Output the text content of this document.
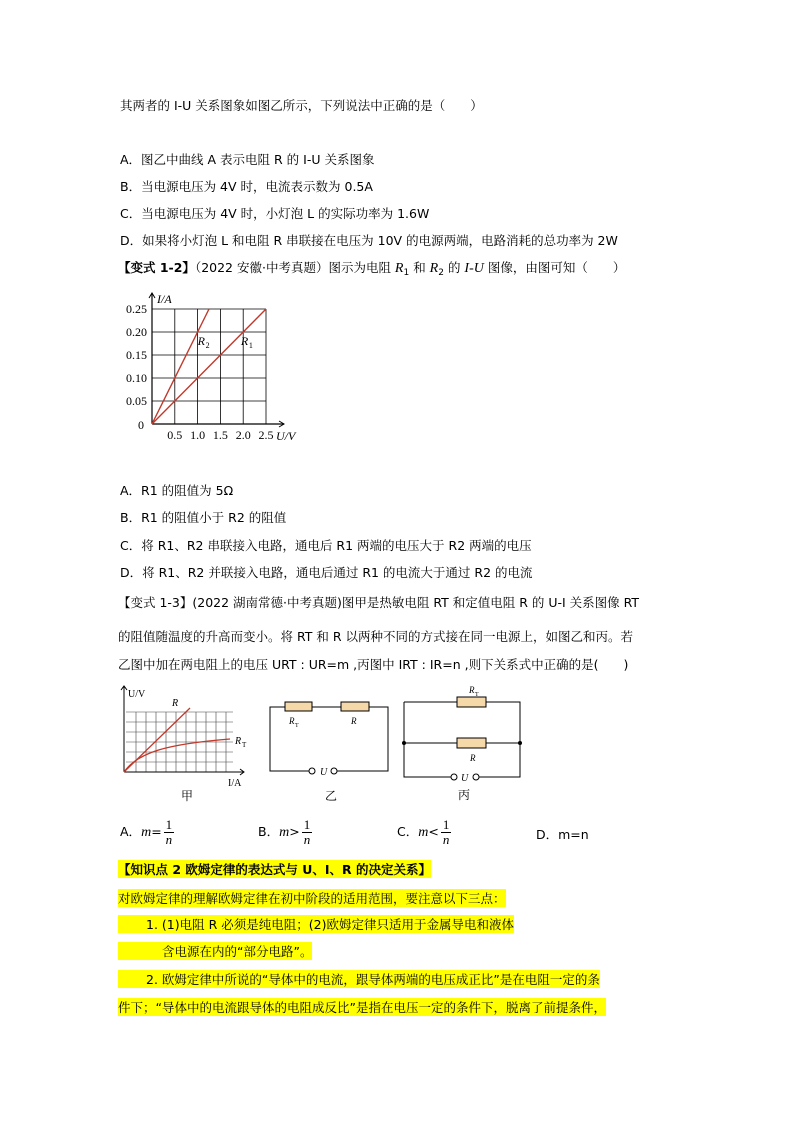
其两者的 I-U 关系图象如图乙所示，下列说法中正确的是（　　）
A．图乙中曲线 A 表示电阻 R 的 I-U 关系图象
B．当电源电压为 4V 时，电流表示数为 0.5A
C．当电源电压为 4V 时，小灯泡 L 的实际功率为 1.6W
D．如果将小灯泡 L 和电阻 R 串联接在电压为 10V 的电源两端，电路消耗的总功率为 2W
【变式 1-2】（2022 安徽·中考真题）图示为电阻 $R_1$ 和 $R_2$ 的 I-U 图像，由图可知（　　）
0.5 1.0 1.5 2.0 2.5
0.05
0.10
0.15
0.20
0.25
0
U/V
I/A
R 2	R 1
A．R1 的阻值为 5Ω
B．R1 的阻值小于 R2 的阻值
C．将 R1、R2 串联接入电路，通电后 R1 两端的电压大于 R2 两端的电压
D．将 R1、R2 并联接入电路，通电后通过 R1 的电流大于通过 R2 的电流
【变式 1-3】(2022 湖南常德·中考真题)图甲是热敏电阻 RT 和定值电阻 R 的 U-I 关系图像 RT
的阻值随温度的升高而变小。将 RT 和 R 以两种不同的方式接在同一电源上，如图乙和丙。若
乙图中加在两电阻上的电压 URT : UR=m ,丙图中 IRT : IR=n ,则下关系式中正确的是(　　)
U/V
I/A
R
R T
甲
R T	R
U
乙
R T
R
U
丙
A．$m= \frac{1}{n}$	B．$m> \frac{1}{n}$	C．$m< \frac{1}{n}$	D．m=n
【知识点 2 欧姆定律的表达式与 U、I、R 的决定关系】
对欧姆定律的理解欧姆定律在初中阶段的适用范围，要注意以下三点：
1. (1)电阻 R 必须是纯电阻；(2)欧姆定律只适用于金属导电和液体
含电源在内的“部分电路”。
2. 欧姆定律中所说的“导体中的电流，跟导体两端的电压成正比”是在电阻一定的条
件下；“导体中的电流跟导体的电阻成反比”是指在电压一定的条件下，脱离了前提条件，
